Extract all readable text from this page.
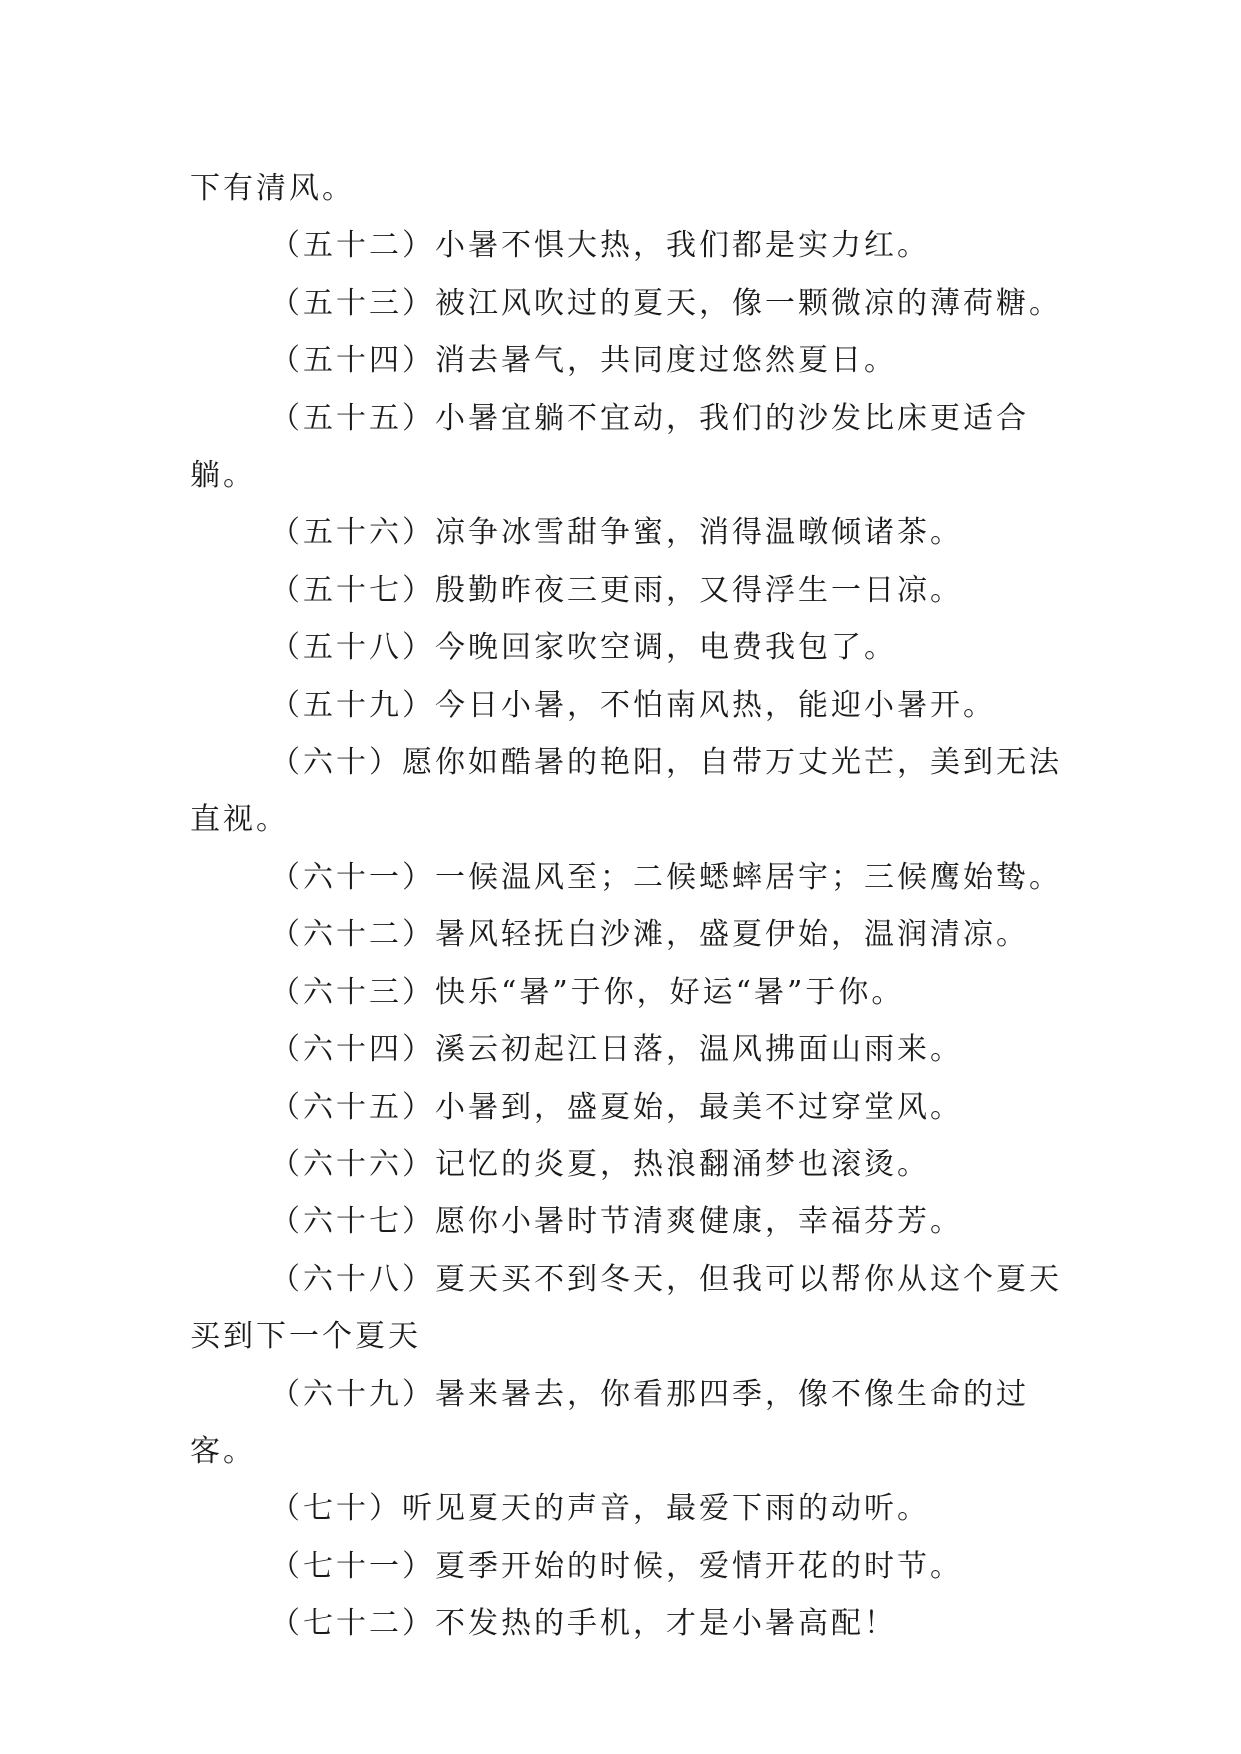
下有清风。

（五十二）小暑不惧大热，我们都是实力红。

（五十三）被江风吹过的夏天，像一颗微凉的薄荷糖。

（五十四）消去暑气，共同度过悠然夏日。

（五十五）小暑宜躺不宜动，我们的沙发比床更适合躺。

（五十六）凉争冰雪甜争蜜，消得温暾倾诸茶。

（五十七）殷勤昨夜三更雨，又得浮生一日凉。

（五十八）今晚回家吹空调，电费我包了。

（五十九）今日小暑，不怕南风热，能迎小暑开。

（六十）愿你如酷暑的艳阳，自带万丈光芒，美到无法直视。

（六十一）一候温风至；二候蟋蟀居宇；三候鹰始鸷。

（六十二）暑风轻抚白沙滩，盛夏伊始，温润清凉。

（六十三）快乐“暑”于你，好运“暑”于你。

（六十四）溪云初起江日落，温风拂面山雨来。

（六十五）小暑到，盛夏始，最美不过穿堂风。

（六十六）记忆的炎夏，热浪翻涌梦也滚烫。

（六十七）愿你小暑时节清爽健康，幸福芬芳。

（六十八）夏天买不到冬天，但我可以帮你从这个夏天买到下一个夏天

（六十九）暑来暑去，你看那四季，像不像生命的过客。

（七十）听见夏天的声音，最爱下雨的动听。

（七十一）夏季开始的时候，爱情开花的时节。

（七十二）不发热的手机，才是小暑高配！
